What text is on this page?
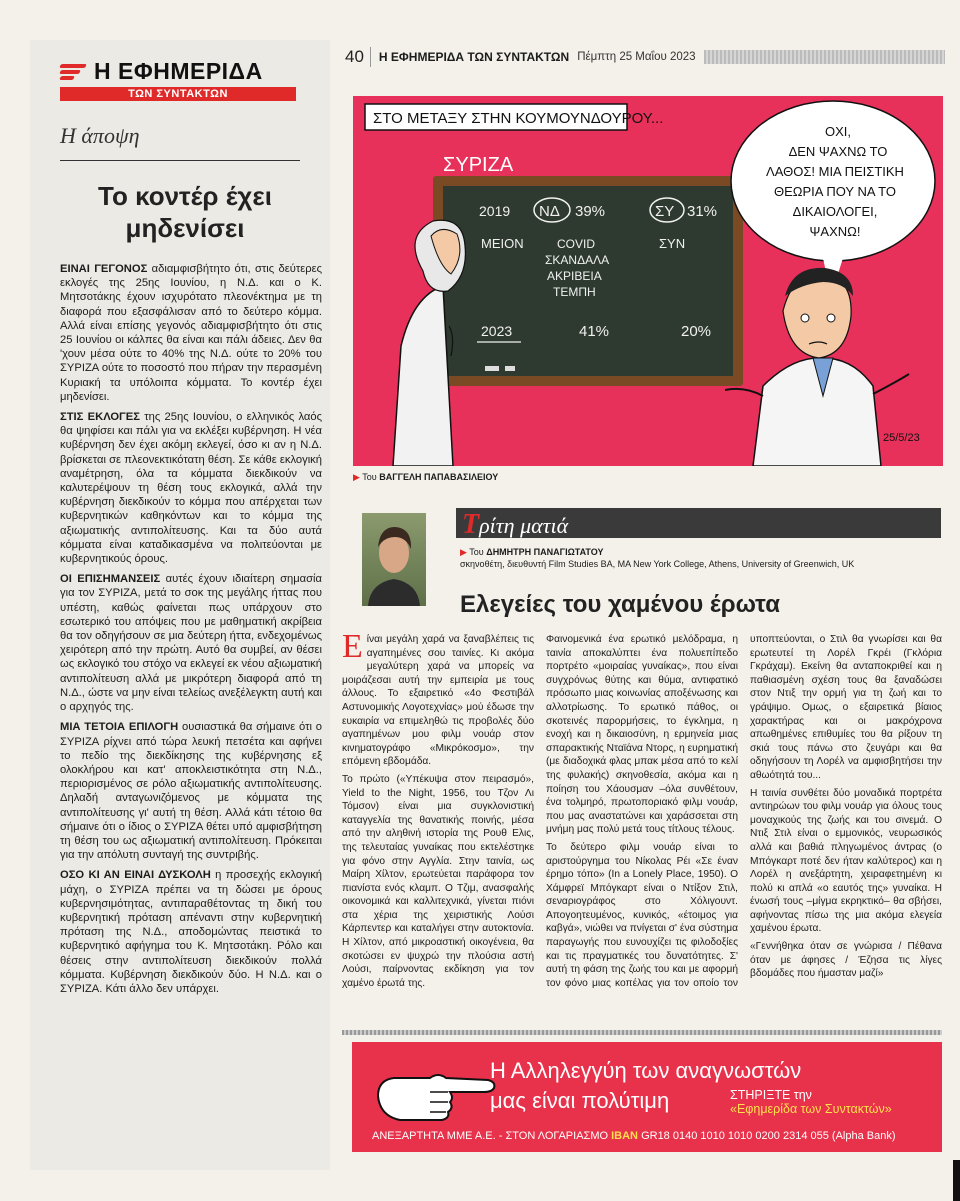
Η ΕΦΗΜΕΡΙΔΑ
ΤΩΝ ΣΥΝΤΑΚΤΩΝ
Η άποψη
Το κοντέρ έχει μηδενίσει

ΕΙΝΑΙ ΓΕΓΟΝΟΣ αδιαμφισβήτητο ότι, στις δεύτερες εκλογές της 25ης Ιουνίου, η Ν.Δ. και ο Κ. Μητσοτάκης έχουν ισχυρότατο πλεονέκτημα με τη διαφορά που εξασφάλισαν από το δεύτερο κόμμα. Αλλά είναι επίσης γεγονός αδιαμφισβήτητο ότι στις 25 Ιουνίου οι κάλπες θα είναι και πάλι άδειες. Δεν θα 'χουν μέσα ούτε το 40% της Ν.Δ. ούτε το 20% του ΣΥΡΙΖΑ ούτε το ποσοστό που πήραν την περασμένη Κυριακή τα υπόλοιπα κόμματα. Το κοντέρ έχει μηδενίσει.

ΣΤΙΣ ΕΚΛΟΓΕΣ της 25ης Ιουνίου, ο ελληνικός λαός θα ψηφίσει και πάλι για να εκλέξει κυβέρνηση. Η νέα κυβέρνηση δεν έχει ακόμη εκλεγεί, όσο κι αν η Ν.Δ. βρίσκεται σε πλεονεκτικότατη θέση. Σε κάθε εκλογική αναμέτρηση, όλα τα κόμματα διεκδικούν να καλυτερέψουν τη θέση τους εκλογικά, αλλά την κυβέρνηση διεκδικούν το κόμμα που απέρχεται των κυβερνητικών καθηκόντων και το κόμμα της αξιωματικής αντιπολίτευσης. Και τα δύο αυτά κόμματα είναι καταδικασμένα να πολιτεύονται με κυβερνητικούς όρους.

ΟΙ ΕΠΙΣΗΜΑΝΣΕΙΣ αυτές έχουν ιδιαίτερη σημασία για τον ΣΥΡΙΖΑ, μετά το σοκ της μεγάλης ήττας που υπέστη, καθώς φαίνεται πως υπάρχουν στο εσωτερικό του απόψεις που με μαθηματική ακρίβεια θα τον οδηγήσουν σε μια δεύτερη ήττα, ενδεχομένως χειρότερη από την πρώτη. Αυτό θα συμβεί, αν θέσει ως εκλογικό του στόχο να εκλεγεί εκ νέου αξιωματική αντιπολίτευση αλλά με μικρότερη διαφορά από τη Ν.Δ., ώστε να μην είναι τελείως ανεξέλεγκτη αυτή και ο αρχηγός της.

ΜΙΑ ΤΕΤΟΙΑ ΕΠΙΛΟΓΗ ουσιαστικά θα σήμαινε ότι ο ΣΥΡΙΖΑ ρίχνει από τώρα λευκή πετσέτα και αφήνει το πεδίο της διεκδίκησης της κυβέρνησης εξ ολοκλήρου και κατ' αποκλειστικότητα στη Ν.Δ., περιορισμένος σε ρόλο αξιωματικής αντιπολίτευσης. Δηλαδή ανταγωνιζόμενος με κόμματα της αντιπολίτευσης γι' αυτή τη θέση. Αλλά κάτι τέτοιο θα σήμαινε ότι ο ίδιος ο ΣΥΡΙΖΑ θέτει υπό αμφισβήτηση τη θέση του ως αξιωματική αντιπολίτευση. Πρόκειται για την απόλυτη συνταγή της συντριβής.

ΟΣΟ ΚΙ ΑΝ ΕΙΝΑΙ ΔΥΣΚΟΛΗ η προσεχής εκλογική μάχη, ο ΣΥΡΙΖΑ πρέπει να τη δώσει με όρους κυβερνησιμότητας, αντιπαραθέτοντας τη δική του κυβερνητική πρόταση απέναντι στην κυβερνητική πρόταση της Ν.Δ., αποδομώντας πειστικά το κυβερνητικό αφήγημα του Κ. Μητσοτάκη. Ρόλο και θέσεις στην αντιπολίτευση διεκδικούν πολλά κόμματα. Κυβέρνηση διεκδικούν δύο. Η Ν.Δ. και ο ΣΥΡΙΖΑ. Κάτι άλλο δεν υπάρχει.

40	Η ΕΦΗΜΕΡΙΔΑ ΤΩΝ ΣΥΝΤΑΚΤΩΝ Πέμπτη 25 Μαΐου 2023
ΣΤΟ ΜΕΤΑΞΥ ΣΤΗΝ ΚΟΥΜΟΥΝΔΟΥΡΟΥ...
ΣΥΡΙΖΑ
2019 ΝΔ 39%	ΣΥ 31%
ΜΕΙΟΝ	COVID
ΣΚΑΝΔΑΛΑ
ΑΚΡΙΒΕΙΑ
ΤΕΜΠΗ
ΣΥΝ
2023	41%	20%
ΟΧΙ,
ΔΕΝ ΨΑΧΝΩ ΤΟ
ΛΑΘΟΣ! ΜΙΑ ΠΕΙΣΤΙΚΗ
ΘΕΩΡΙΑ ΠΟΥ ΝΑ ΤΟ
ΔΙΚΑΙΟΛΟΓΕΙ,
ΨΑΧΝΩ!
25/5/23
▶ Του ΒΑΓΓΕΛΗ ΠΑΠΑΒΑΣΙΛΕΙΟΥ
Τρίτη ματιά
▶ Του ΔΗΜΗΤΡΗ ΠΑΝΑΓΙΩΤΑΤΟΥ
σκηνοθέτη, διευθυντή Film Studies BA, MA New York College, Athens, University of Greenwich, UK
Ελεγείες του χαμένου έρωτα

Είναι μεγάλη χαρά να ξαναβλέπεις τις αγαπημένες σου ταινίες. Κι ακόμα μεγαλύτερη χαρά να μπορείς να μοιράζεσαι αυτή την εμπειρία με τους άλλους. Το εξαιρετικό «4ο Φεστιβάλ Αστυνομικής Λογοτεχνίας» μού έδωσε την ευκαιρία να επιμεληθώ τις προβολές δύο αγαπημένων μου φιλμ νουάρ στον κινηματογράφο «Μικρόκοσμο», την επόμενη εβδομάδα.

Το πρώτο («Υπέκυψα στον πειρασμό», Yield to the Night, 1956, του Τζον Λι Τόμσον) είναι μια συγκλονιστική καταγγελία της θανατικής ποινής, μέσα από την αληθινή ιστορία της Ρουθ Ελις, της τελευταίας γυναίκας που εκτελέστηκε για φόνο στην Αγγλία. Στην ταινία, ως Μαίρη Χίλτον, ερωτεύεται παράφορα τον πιανίστα ενός κλαμπ. Ο Τζιμ, ανασφαλής οικονομικά και καλλιτεχνικά, γίνεται πιόνι στα χέρια της χειριστικής Λούσι Κάρπεντερ και καταλήγει στην αυτοκτονία. Η Χίλτον, από μικροαστική οικογένεια, θα σκοτώσει εν ψυχρώ την πλούσια αστή Λούσι, παίρνοντας εκδίκηση για τον χαμένο έρωτά της.

Φαινομενικά ένα ερωτικό μελόδραμα, η ταινία αποκαλύπτει ένα πολυεπίπεδο πορτρέτο «μοιραίας γυναίκας», που είναι συγχρόνως θύτης και θύμα, αντιφατικό πρόσωπο μιας κοινωνίας αποξένωσης και αλλοτρίωσης. Το ερωτικό πάθος, οι σκοτεινές παρορμήσεις, το έγκλημα, η ενοχή και η δικαιοσύνη, η ερμηνεία μιας σπαρακτικής Νταϊάνα Ντορς, η ευρηματική (με διαδοχικά φλας μπακ μέσα από το κελί της φυλακής) σκηνοθεσία, ακόμα και η ποίηση του Χάουσμαν –όλα συνθέτουν, ένα τολμηρό, πρωτοποριακό φιλμ νουάρ, που μας αναστατώνει και χαράσσεται στη μνήμη μας πολύ μετά τους τίτλους τέλους.

Το δεύτερο φιλμ νουάρ είναι το αριστούργημα του Νίκολας Ρέι «Σε έναν έρημο τόπο» (In a Lonely Place, 1950). Ο Χάμφρεϊ Μπόγκαρτ είναι ο Ντίξον Στιλ, σεναριογράφος στο Χόλιγουντ. Απογοητευμένος, κυνικός, «έτοιμος για καβγά», νιώθει να πνίγεται σ' ένα σύστημα παραγωγής που ευνουχίζει τις φιλοδοξίες και τις πραγματικές του δυνατότητες. Σ' αυτή τη φάση της ζωής του και με αφορμή τον φόνο μιας κοπέλας για τον οποίο τον υποπτεύονται, ο Στιλ θα γνωρίσει και θα ερωτευτεί τη Λορέλ Γκρέι (Γκλόρια Γκράχαμ). Εκείνη θα ανταποκριθεί και η παθιασμένη σχέση τους θα ξαναδώσει στον Ντιξ την ορμή για τη ζωή και το γράψιμο. Ομως, ο εξαιρετικά βίαιος χαρακτήρας και οι μακρόχρονα απωθημένες επιθυμίες του θα ρίξουν τη σκιά τους πάνω στο ζευγάρι και θα οδηγήσουν τη Λορέλ να αμφισβητήσει την αθωότητά του...

Η ταινία συνθέτει δύο μοναδικά πορτρέτα αντιηρώων του φιλμ νουάρ για όλους τους μοναχικούς της ζωής και του σινεμά. Ο Ντιξ Στιλ είναι ο εμμονικός, νευρωσικός αλλά και βαθιά πληγωμένος άντρας (ο Μπόγκαρτ ποτέ δεν ήταν καλύτερος) και η Λορέλ η ανεξάρτητη, χειραφετημένη κι πολύ κι απλά «ο εαυτός της» γυναίκα. Η ένωσή τους –μίγμα εκρηκτικό– θα σβήσει, αφήνοντας πίσω της μια ακόμα ελεγεία χαμένου έρωτα.

«Γεννήθηκα όταν σε γνώρισα / Πέθανα όταν με άφησες / Έζησα τις λίγες βδομάδες που ήμασταν μαζί»

Η Αλληλεγγύη των αναγνωστών
μας είναι πολύτιμη	ΣΤΗΡΙΞΤΕ την
«Εφημερίδα των Συντακτών»
ΑΝΕΞΑΡΤΗΤΑ ΜΜΕ Α.Ε. - ΣΤΟΝ ΛΟΓΑΡΙΑΣΜΟ IBAN GR18 0140 1010 1010 0200 2314 055 (Alpha Bank)
